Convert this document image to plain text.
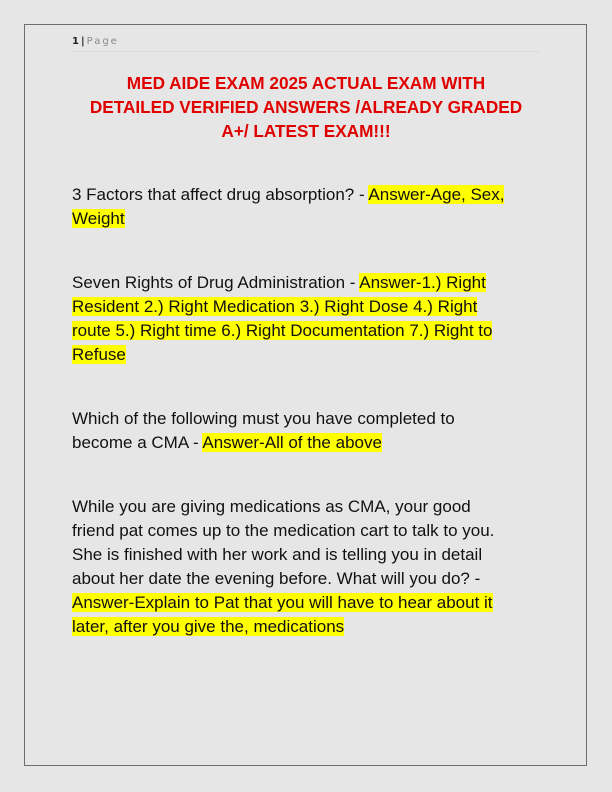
1 | Page
MED AIDE EXAM 2025 ACTUAL EXAM WITH
DETAILED VERIFIED ANSWERS /ALREADY GRADED
A+/ LATEST EXAM!!!
3 Factors that affect drug absorption? - Answer-Age, Sex,
Weight
Seven Rights of Drug Administration - Answer-1.) Right
Resident 2.) Right Medication 3.) Right Dose 4.) Right
route 5.) Right time 6.) Right Documentation 7.) Right to
Refuse
Which of the following must you have completed to
become a CMA - Answer-All of the above
While you are giving medications as CMA, your good
friend pat comes up to the medication cart to talk to you.
She is finished with her work and is telling you in detail
about her date the evening before. What will you do? -
Answer-Explain to Pat that you will have to hear about it
later, after you give the, medications
